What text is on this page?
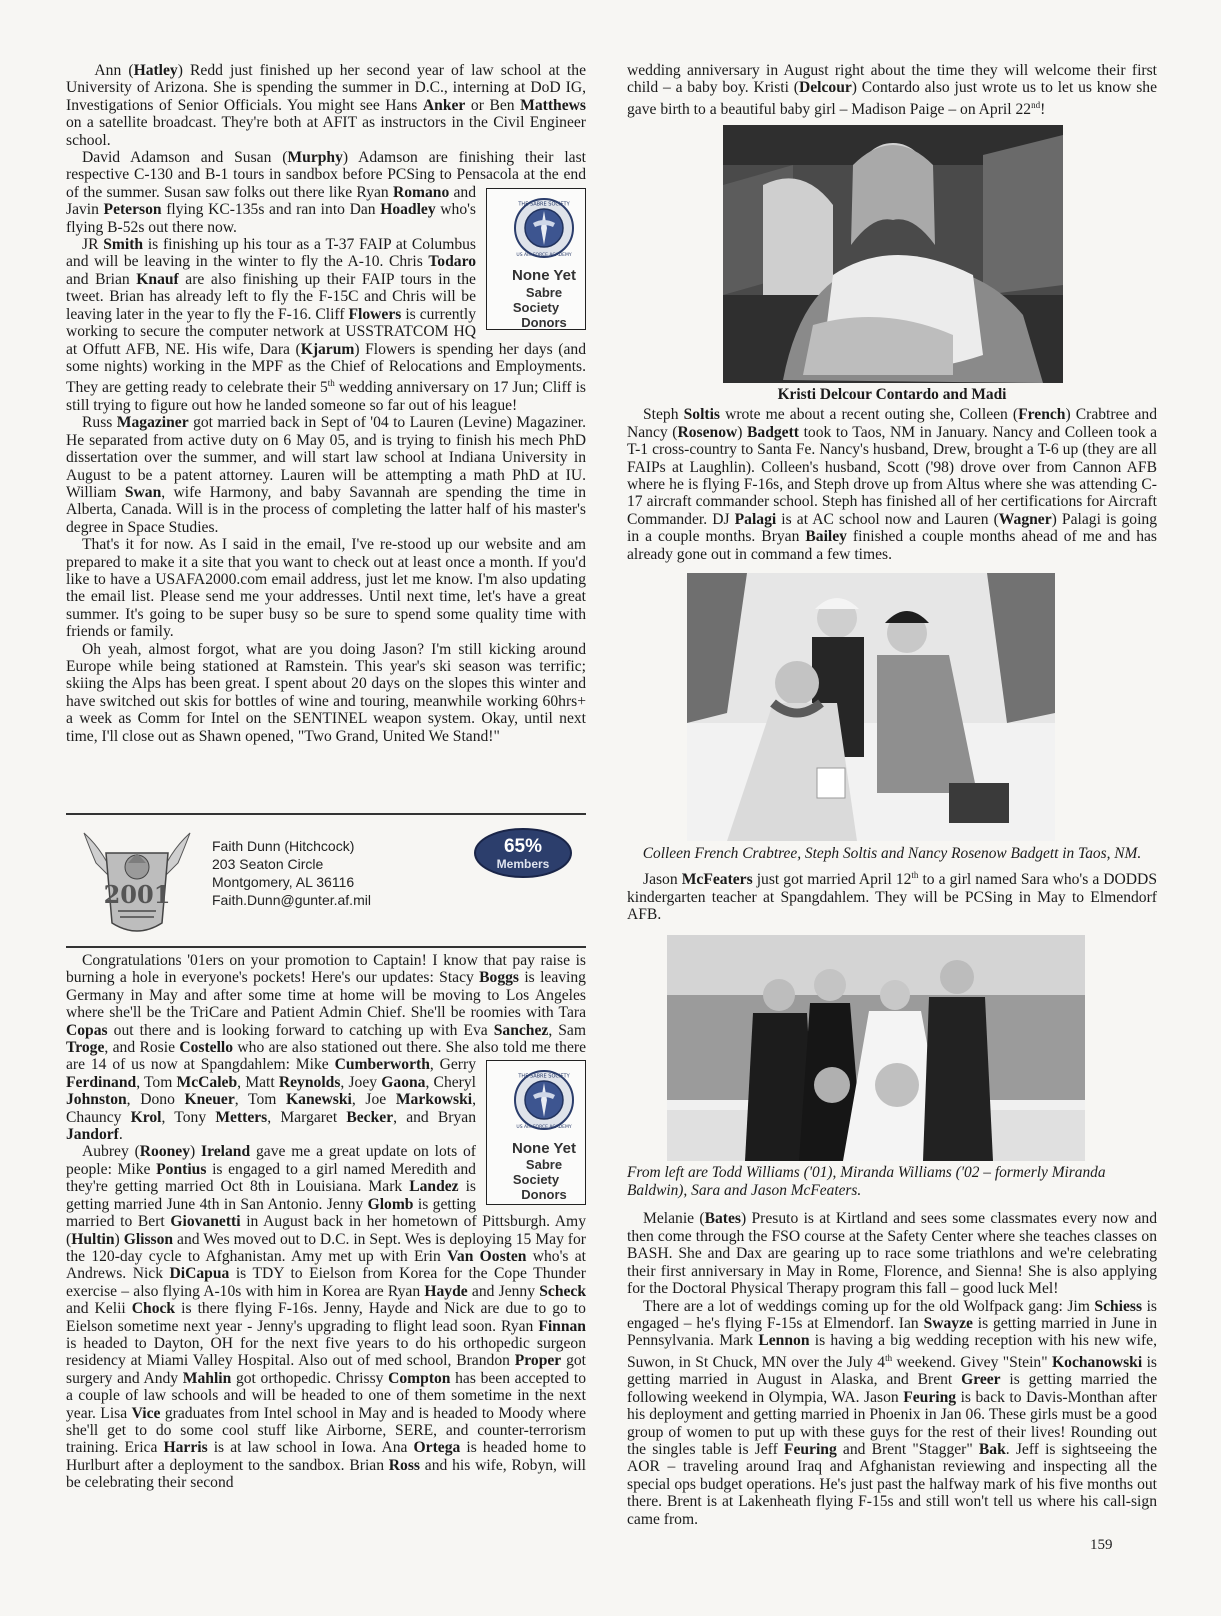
Ann (Hatley) Redd just finished up her second year of law school at the University of Arizona. She is spending the summer in D.C., interning at DoD IG, Investigations of Senior Officials. You might see Hans Anker or Ben Matthews on a satellite broadcast. They're both at AFIT as instructors in the Civil Engineer school.

David Adamson and Susan (Murphy) Adamson are finishing their last respective C-130 and B-1 tours in sandbox before PCSing to Pensacola at the end of the summer. Susan saw folks out there like Ryan Romano
THE SABRE SOCIETY
US AIR FORCE ACADEMY
None Yet
Sabre Society
Donors
and Javin Peterson flying KC-135s and ran into Dan Hoadley who's flying B-52s out there now.

JR Smith is finishing up his tour as a T-37 FAIP at Columbus and will be leaving in the winter to fly the A-10. Chris Todaro and Brian Knauf are also finishing up their FAIP tours in the tweet. Brian has already left to fly the F-15C and Chris will be leaving later in the year to fly the F-16. Cliff Flowers is currently working to secure the computer network at USSTRATCOM HQ at Offutt AFB, NE. His wife, Dara (Kjarum) Flowers is spending her days (and some nights) working in the MPF as the Chief of Relocations and Employments. They are getting ready to celebrate their 5th wedding anniversary on 17 Jun; Cliff is still trying to figure out how he landed someone so far out of his league!

Russ Magaziner got married back in Sept of '04 to Lauren (Levine) Magaziner. He separated from active duty on 6 May 05, and is trying to finish his mech PhD dissertation over the summer, and will start law school at Indiana University in August to be a patent attorney. Lauren will be attempting a math PhD at IU. William Swan, wife Harmony, and baby Savannah are spending the time in Alberta, Canada. Will is in the process of completing the latter half of his master's degree in Space Studies.

That's it for now. As I said in the email, I've re-stood up our website and am prepared to make it a site that you want to check out at least once a month. If you'd like to have a USAFA2000.com email address, just let me know. I'm also updating the email list. Please send me your addresses. Until next time, let's have a great summer. It's going to be super busy so be sure to spend some quality time with friends or family.

Oh yeah, almost forgot, what are you doing Jason? I'm still kicking around Europe while being stationed at Ramstein. This year's ski season was terrific; skiing the Alps has been great. I spent about 20 days on the slopes this winter and have switched out skis for bottles of wine and touring, meanwhile working 60hrs+ a week as Comm for Intel on the SENTINEL weapon system. Okay, until next time, I'll close out as Shawn opened, "Two Grand, United We Stand!"

2001
Faith Dunn (Hitchcock)
203 Seaton Circle
Montgomery, AL 36116
Faith.Dunn@gunter.af.mil
65%
Members

Congratulations '01ers on your promotion to Captain! I know that pay raise is burning a hole in everyone's pockets! Here's our updates: Stacy Boggs is leaving Germany in May and after some time at home will be moving to Los Angeles where she'll be the TriCare and Patient Admin Chief. She'll be roomies with Tara Copas out there and is looking forward to catching up with Eva Sanchez, Sam Troge, and Rosie Costello who are also stationed out there. She also told me there are 14 of us now at Spangdahlem: Mike
THE SABRE SOCIETY
US AIR FORCE ACADEMY
None Yet
Sabre Society
Donors
Cumberworth, Gerry Ferdinand, Tom McCaleb, Matt Reynolds, Joey Gaona, Cheryl Johnston, Dono Kneuer, Tom Kanewski, Joe Markowski, Chauncy Krol, Tony Metters, Margaret Becker, and Bryan Jandorf.

Aubrey (Rooney) Ireland gave me a great update on lots of people: Mike Pontius is engaged to a girl named Meredith and they're getting married Oct 8th in Louisiana. Mark Landez is getting married June 4th in San Antonio. Jenny Glomb is getting married to Bert Giovanetti in August back in her hometown of Pittsburgh. Amy (Hultin) Glisson and Wes moved out to D.C. in Sept. Wes is deploying 15 May for the 120-day cycle to Afghanistan. Amy met up with Erin Van Oosten who's at Andrews. Nick DiCapua is TDY to Eielson from Korea for the Cope Thunder exercise – also flying A-10s with him in Korea are Ryan Hayde and Jenny Scheck and Kelii Chock is there flying F-16s. Jenny, Hayde and Nick are due to go to Eielson sometime next year - Jenny's upgrading to flight lead soon. Ryan Finnan is headed to Dayton, OH for the next five years to do his orthopedic surgeon residency at Miami Valley Hospital. Also out of med school, Brandon Proper got surgery and Andy Mahlin got orthopedic. Chrissy Compton has been accepted to a couple of law schools and will be headed to one of them sometime in the next year. Lisa Vice graduates from Intel school in May and is headed to Moody where she'll get to do some cool stuff like Airborne, SERE, and counter-terrorism training. Erica Harris is at law school in Iowa. Ana Ortega is headed home to Hurlburt after a deployment to the sandbox. Brian Ross and his wife, Robyn, will be celebrating their second

wedding anniversary in August right about the time they will welcome their first child – a baby boy. Kristi (Delcour) Contardo also just wrote us to let us know she gave birth to a beautiful baby girl – Madison Paige – on April 22nd!

Kristi Delcour Contardo and Madi

Steph Soltis wrote me about a recent outing she, Colleen (French) Crabtree and Nancy (Rosenow) Badgett took to Taos, NM in January. Nancy and Colleen took a T-1 cross-country to Santa Fe. Nancy's husband, Drew, brought a T-6 up (they are all FAIPs at Laughlin). Colleen's husband, Scott ('98) drove over from Cannon AFB where he is flying F-16s, and Steph drove up from Altus where she was attending C-17 aircraft commander school. Steph has finished all of her certifications for Aircraft Commander. DJ Palagi is at AC school now and Lauren (Wagner) Palagi is going in a couple months. Bryan Bailey finished a couple months ahead of me and has already gone out in command a few times.

Colleen French Crabtree, Steph Soltis and Nancy Rosenow Badgett in Taos, NM.

Jason McFeaters just got married April 12th to a girl named Sara who's a DODDS kindergarten teacher at Spangdahlem. They will be PCSing in May to Elmendorf AFB.

From left are Todd Williams ('01), Miranda Williams ('02 – formerly Miranda Baldwin), Sara and Jason McFeaters.

Melanie (Bates) Presuto is at Kirtland and sees some classmates every now and then come through the FSO course at the Safety Center where she teaches classes on BASH. She and Dax are gearing up to race some triathlons and we're celebrating their first anniversary in May in Rome, Florence, and Sienna! She is also applying for the Doctoral Physical Therapy program this fall – good luck Mel!

There are a lot of weddings coming up for the old Wolfpack gang: Jim Schiess is engaged – he's flying F-15s at Elmendorf. Ian Swayze is getting married in June in Pennsylvania. Mark Lennon is having a big wedding reception with his new wife, Suwon, in St Chuck, MN over the July 4th weekend. Givey "Stein" Kochanowski is getting married in August in Alaska, and Brent Greer is getting married the following weekend in Olympia, WA. Jason Feuring is back to Davis-Monthan after his deployment and getting married in Phoenix in Jan 06. These girls must be a good group of women to put up with these guys for the rest of their lives! Rounding out the singles table is Jeff Feuring and Brent "Stagger" Bak. Jeff is sightseeing the AOR – traveling around Iraq and Afghanistan reviewing and inspecting all the special ops budget operations. He's just past the halfway mark of his five months out there. Brent is at Lakenheath flying F-15s and still won't tell us where his call-sign came from.

159
